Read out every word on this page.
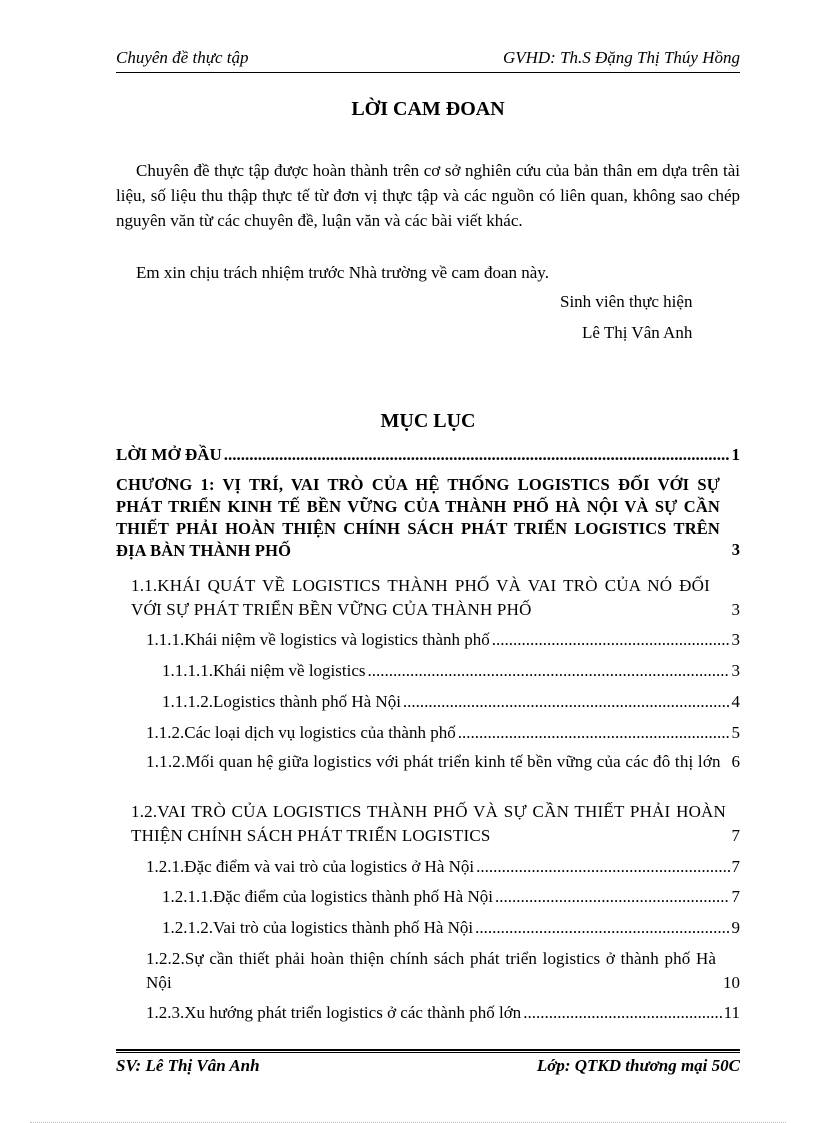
Chuyên đề thực tập	GVHD: Th.S Đặng Thị Thúy Hồng
LỜI CAM ĐOAN

Chuyên đề thực tập được hoàn thành trên cơ sở nghiên cứu của bản thân em dựa trên tài liệu, số liệu thu thập thực tế từ đơn vị thực tập và các nguồn có liên quan, không sao chép nguyên văn từ các chuyên đề, luận văn và các bài viết khác.

Em xin chịu trách nhiệm trước Nhà trường về cam đoan này.

Sinh viên thực hiện
Lê Thị Vân Anh
MỤC LỤC
LỜI MỞ ĐẦU .....	1
CHƯƠNG 1: VỊ TRÍ, VAI TRÒ CỦA HỆ THỐNG LOGISTICS ĐỐI VỚI SỰ PHÁT TRIỂN KINH TẾ BỀN VỮNG CỦA THÀNH PHỐ HÀ NỘI VÀ SỰ CẦN THIẾT PHẢI HOÀN THIỆN CHÍNH SÁCH PHÁT TRIỂN LOGISTICS TRÊN ĐỊA BÀN THÀNH PHỐ	3
1.1.KHÁI QUÁT VỀ LOGISTICS THÀNH PHỐ VÀ VAI TRÒ CỦA NÓ ĐỐI VỚI SỰ PHÁT TRIỂN BỀN VỮNG CỦA THÀNH PHỐ	3
1.1.1.Khái niệm về logistics và logistics thành phố .....	3
1.1.1.1.Khái niệm về logistics .....	3
1.1.1.2.Logistics thành phố Hà Nội .....	4
1.1.2.Các loại dịch vụ logistics của thành phố .....	5
1.1.2.Mối quan hệ giữa logistics với phát triển kinh tế bền vững của các đô thị lớn 6
1.2.VAI TRÒ CỦA LOGISTICS THÀNH PHỐ VÀ SỰ CẦN THIẾT PHẢI HOÀN THIỆN CHÍNH SÁCH PHÁT TRIỂN LOGISTICS	7
1.2.1.Đặc điểm và vai trò của logistics ở Hà Nội .....	7
1.2.1.1.Đặc điểm của logistics thành phố Hà Nội .....	7
1.2.1.2.Vai trò của logistics thành phố Hà Nội .....	9
1.2.2.Sự cần thiết phải hoàn thiện chính sách phát triển logistics ở thành phố Hà Nội	10
1.2.3.Xu hướng phát triển logistics ở các thành phố lớn .....	11
SV: Lê Thị Vân Anh	Lớp: QTKD thương mại 50C
